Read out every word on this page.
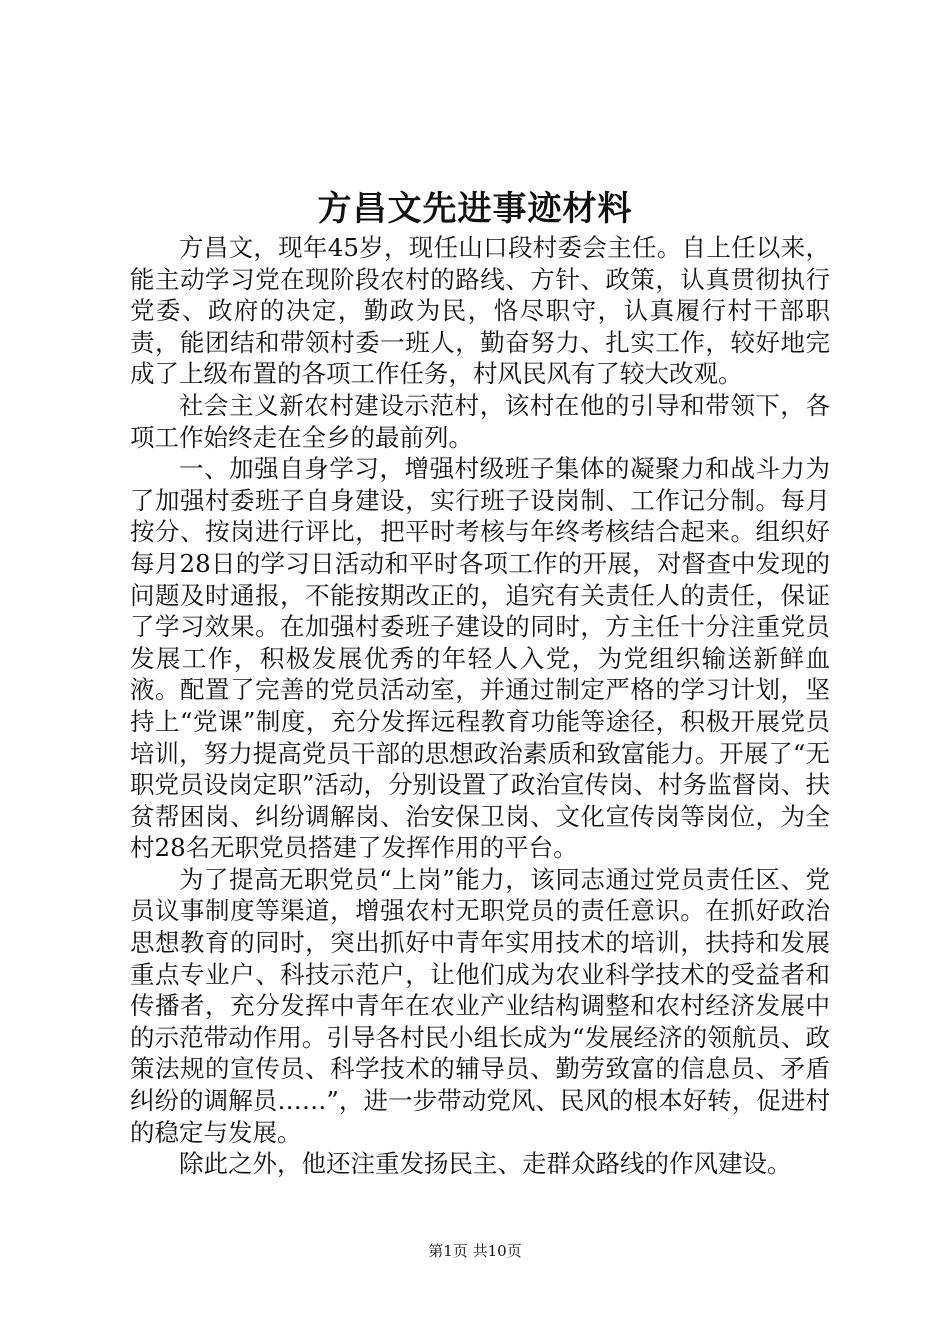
方昌文先进事迹材料

方昌文，现年45岁，现任山口段村委会主任。自上任以来，能主动学习党在现阶段农村的路线、方针、政策，认真贯彻执行党委、政府的决定，勤政为民，恪尽职守，认真履行村干部职责，能团结和带领村委一班人，勤奋努力、扎实工作，较好地完成了上级布置的各项工作任务，村风民风有了较大改观。

社会主义新农村建设示范村，该村在他的引导和带领下，各项工作始终走在全乡的最前列。

一、加强自身学习，增强村级班子集体的凝聚力和战斗力为了加强村委班子自身建设，实行班子设岗制、工作记分制。每月按分、按岗进行评比，把平时考核与年终考核结合起来。组织好每月28日的学习日活动和平时各项工作的开展，对督查中发现的问题及时通报，不能按期改正的，追究有关责任人的责任，保证了学习效果。在加强村委班子建设的同时，方主任十分注重党员发展工作，积极发展优秀的年轻人入党，为党组织输送新鲜血液。配置了完善的党员活动室，并通过制定严格的学习计划，坚持上“党课”制度，充分发挥远程教育功能等途径，积极开展党员培训，努力提高党员干部的思想政治素质和致富能力。开展了“无职党员设岗定职”活动，分别设置了政治宣传岗、村务监督岗、扶贫帮困岗、纠纷调解岗、治安保卫岗、文化宣传岗等岗位，为全村28名无职党员搭建了发挥作用的平台。

为了提高无职党员“上岗”能力，该同志通过党员责任区、党员议事制度等渠道，增强农村无职党员的责任意识。在抓好政治思想教育的同时，突出抓好中青年实用技术的培训，扶持和发展重点专业户、科技示范户，让他们成为农业科学技术的受益者和传播者，充分发挥中青年在农业产业结构调整和农村经济发展中的示范带动作用。引导各村民小组长成为“发展经济的领航员、政策法规的宣传员、科学技术的辅导员、勤劳致富的信息员、矛盾纠纷的调解员……”，进一步带动党风、民风的根本好转，促进村的稳定与发展。

除此之外，他还注重发扬民主、走群众路线的作风建设。

第1页 共10页
